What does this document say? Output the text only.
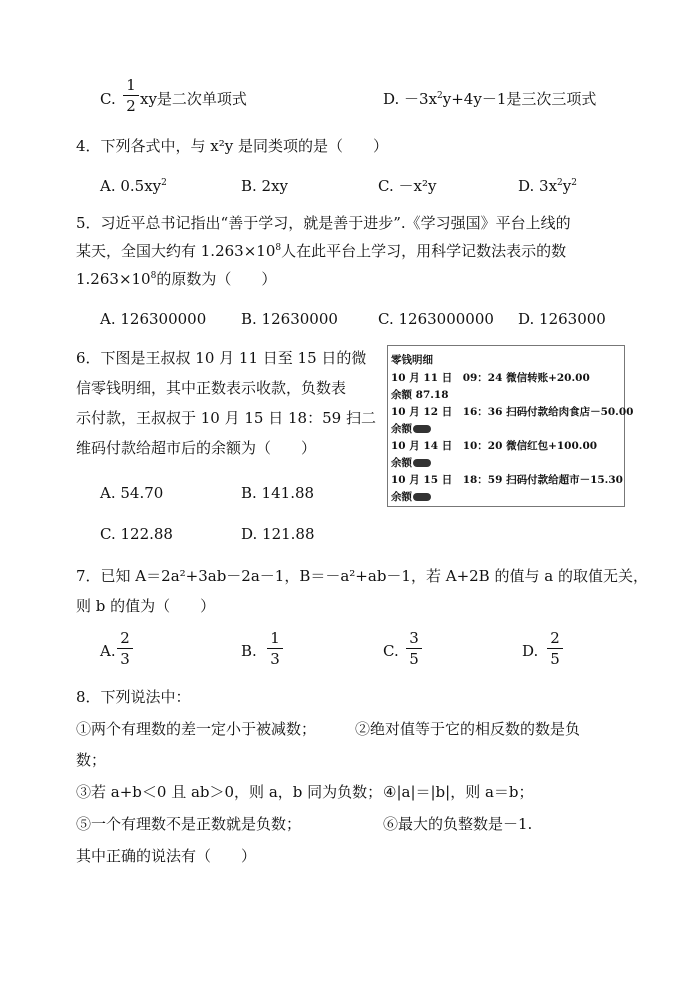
C. $\frac{1}{2}$ xy是二次单项式	D. $-3x^2y+4y-1$是三次三项式
4．下列各式中，与 x²y 是同类项的是（　　）
A. $0.5xy^2$	B. 2xy	C. －x²y	D. $3x^2y^2$
5．习近平总书记指出“善于学习，就是善于进步”.《学习强国》平台上线的
某天，全国大约有 $1.263\times 10^8$人在此平台上学习，用科学记数法表示的数
$1.263\times 10^8$的原数为（　　）
A. 126300000 B. 12630000	C. 1263000000 D. 1263000
6．下图是王叔叔 10 月 11 日至 15 日的微
信零钱明细，其中正数表示收款，负数表
示付款，王叔叔于 10 月 15 日 18：59 扫二
维码付款给超市后的余额为（　　）
A. 54.70	B. 141.88
C. 122.88	D. 121.88
零钱明细
10 月 11 日　09：24 微信转账+20.00
余额 87.18
10 月 12 日　16：36 扫码付款给肉食店－50.00
余额
10 月 14 日　10：20 微信红包+100.00
余额
10 月 15 日　18：59 扫码付款给超市－15.30
余额
7．已知 A＝2a²+3ab－2a－1，B＝－a²+ab－1，若 A+2B 的值与 a 的取值无关，
则 b 的值为（　　）
A. $\frac{2}{3}$	B. $\frac{1}{3}$	C. $\frac{3}{5}$	D. $\frac{2}{5}$
8．下列说法中：
①两个有理数的差一定小于被减数；	②绝对值等于它的相反数的数是负
数；
③若 a+b＜0 且 ab＞0，则 a，b 同为负数； ④|a|＝|b|，则 a＝b；
⑤一个有理数不是正数就是负数；	⑥最大的负整数是－1.
其中正确的说法有（　　）
